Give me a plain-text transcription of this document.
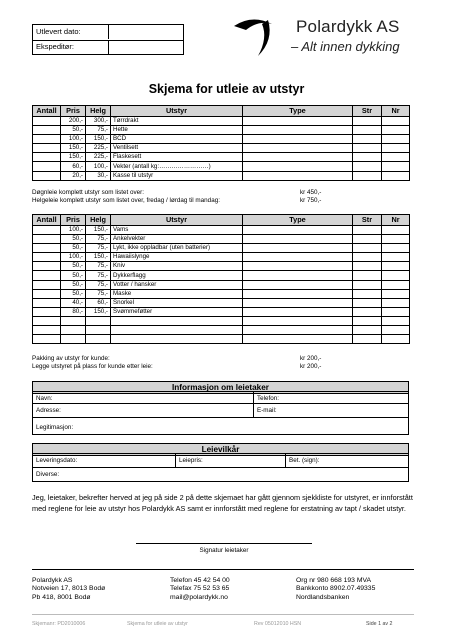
Utlevert dato:
Ekspeditør:
Polardykk AS
– Alt innen dykking
Skjema for utleie av utstyr
Antall	Pris	Helg	Utstyr	Type	Str	Nr
	200,-	300,-	Tørrdrakt			
	50,-	75,-	Hette			
	100,-	150,-	BCD			
	150,-	225,-	Ventilsett			
	150,-	225,-	Flaskesett			
	60,-	100,-	Vekter (antall kg:……………………)			
	20,-	30,-	Kasse til utstyr			
Døgnleie komplett utstyr som listet over:	kr 450,-
Helgeleie komplett utstyr som listet over, fredag / lørdag til mandag:	kr 750,-
Antall	Pris	Helg	Utstyr	Type	Str	Nr
	100,-	150,-	Vams			
	50,-	75,-	Ankelvekter			
	50,-	75,-	Lykt, ikke oppladbar (uten batterier)			
	100,-	150,-	Hawaiislynge			
	50,-	75,-	Kniv			
	50,-	75,-	Dykkerflagg			
	50,-	75,-	Votter / hansker			
	50,-	75,-	Maske			
	40,-	60,-	Snorkel			
	80,-	150,-	Svømmeføtter			

Pakking av utstyr for kunde:	kr 200,-
Legge utstyret på plass for kunde etter leie:	kr 200,-
Informasjon om leietaker
Navn:	Telefon:
Adresse:	E-mail:
Legitimasjon:
Leievilkår
Leveringsdato:	Leiepris:	Bet. (sign):
Diverse:
Jeg, leietaker, bekrefter herved at jeg på side 2 på dette skjemaet har gått gjennom sjekkliste for utstyret, er innforstått med reglene for leie av utstyr hos Polardykk AS samt er innforstått med reglene for erstatning av tapt / skadet utstyr.
Signatur leietaker
Polardykk AS
Notveien 17, 8013 Bodø
Pb 418, 8001 Bodø
Telefon 45 42 54 00
Telefax 75 52 53 65
mail@polardykk.no
Org nr 980 668 193 MVA
Bankkonto 8902.07.49335
Nordlandsbanken
Skjemanr: PD2010006	Skjema for utleie av utstyr	Rev 05012010 HSN	Side 1 av 2
